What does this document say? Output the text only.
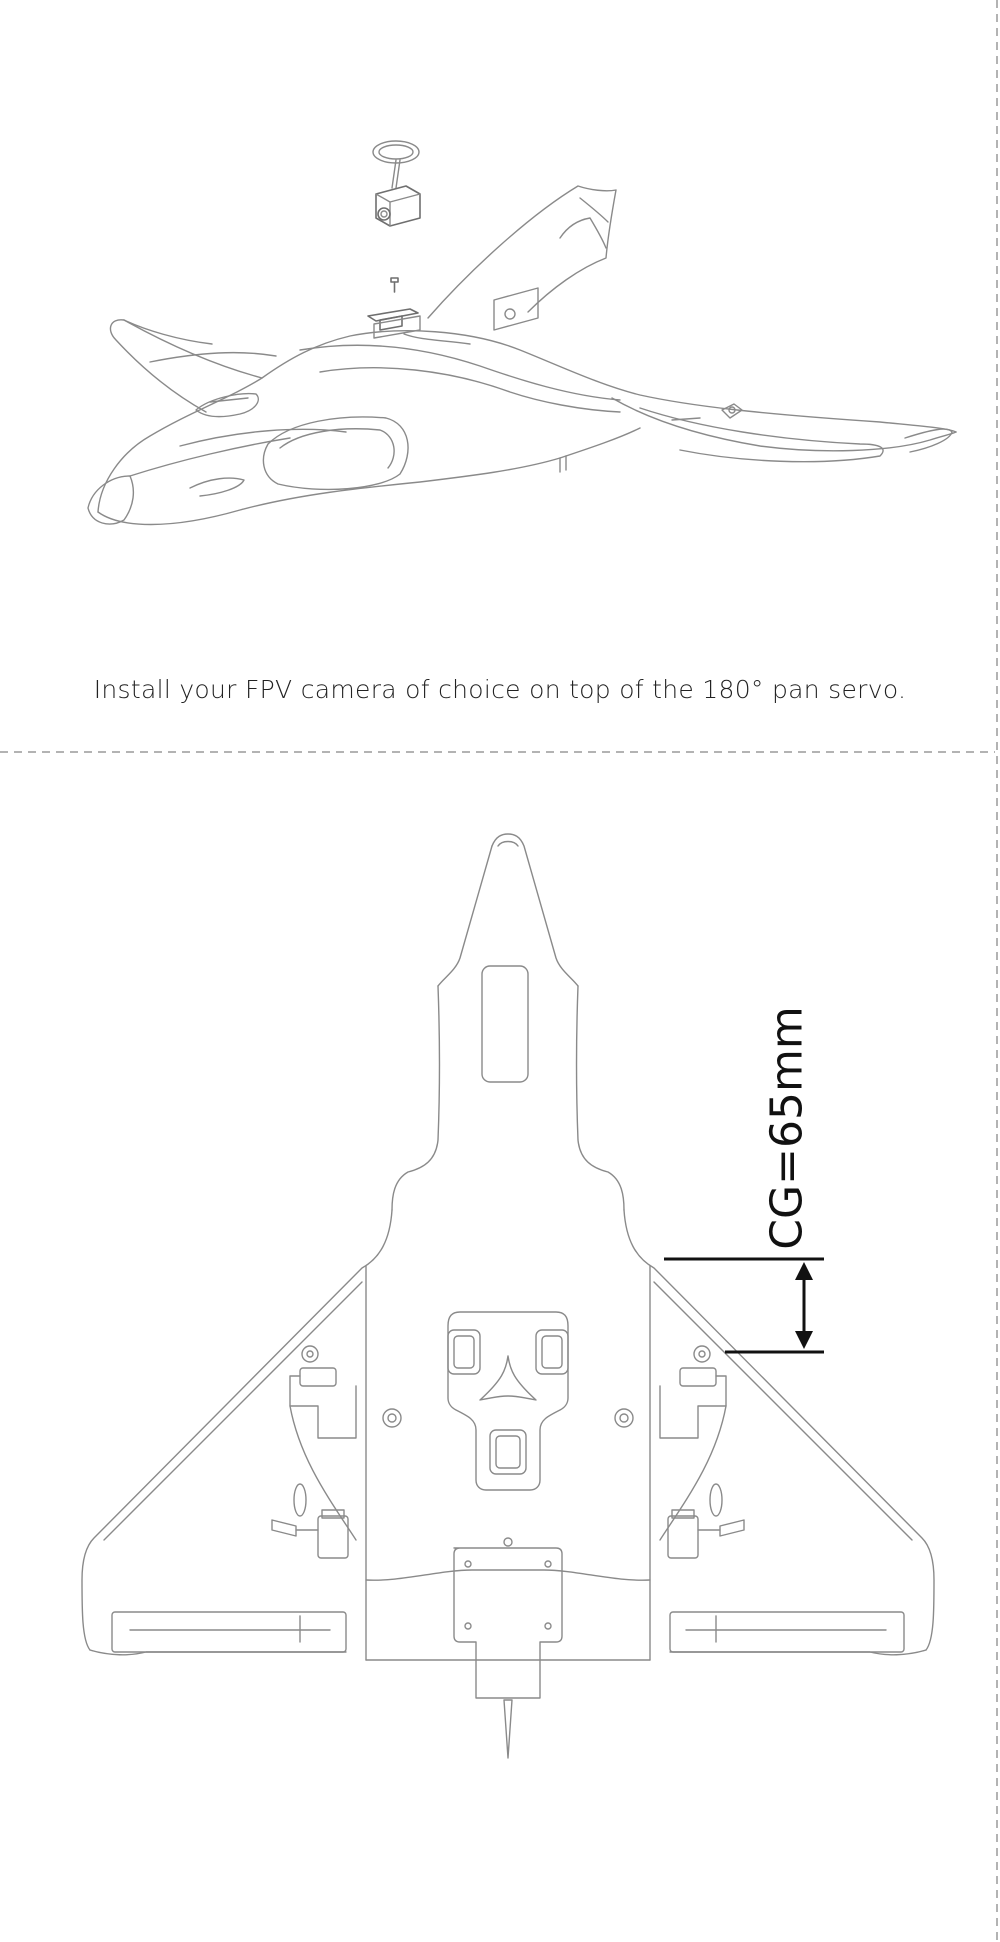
Install your FPV camera of choice on top of the 180° pan servo.
CG=65mm
